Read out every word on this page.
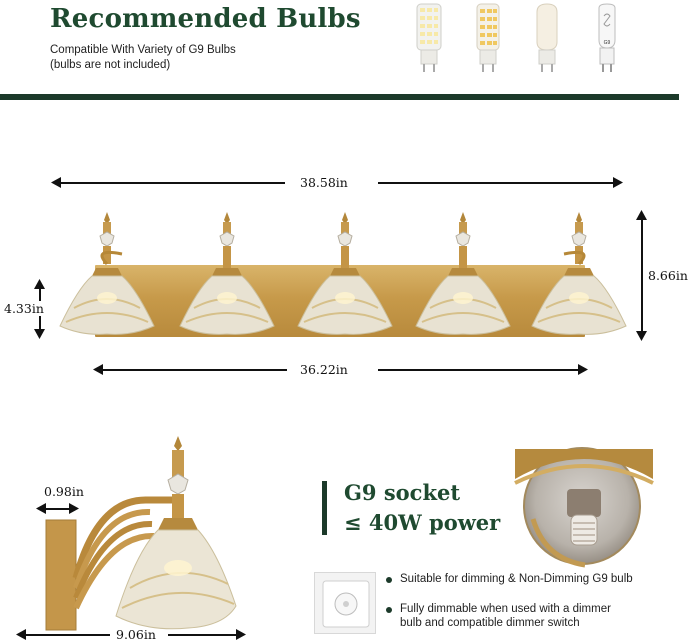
Recommended Bulbs
Compatible With Variety of G9 Bulbs
(bulbs are not included)
G9
38.58in
8.66in
4.33in
36.22in
0.98in
9.06in
G9 socket
≤ 40W power
Suitable for dimming & Non-Dimming G9 bulb
Fully dimmable when used with a dimmer
bulb and compatible dimmer switch
